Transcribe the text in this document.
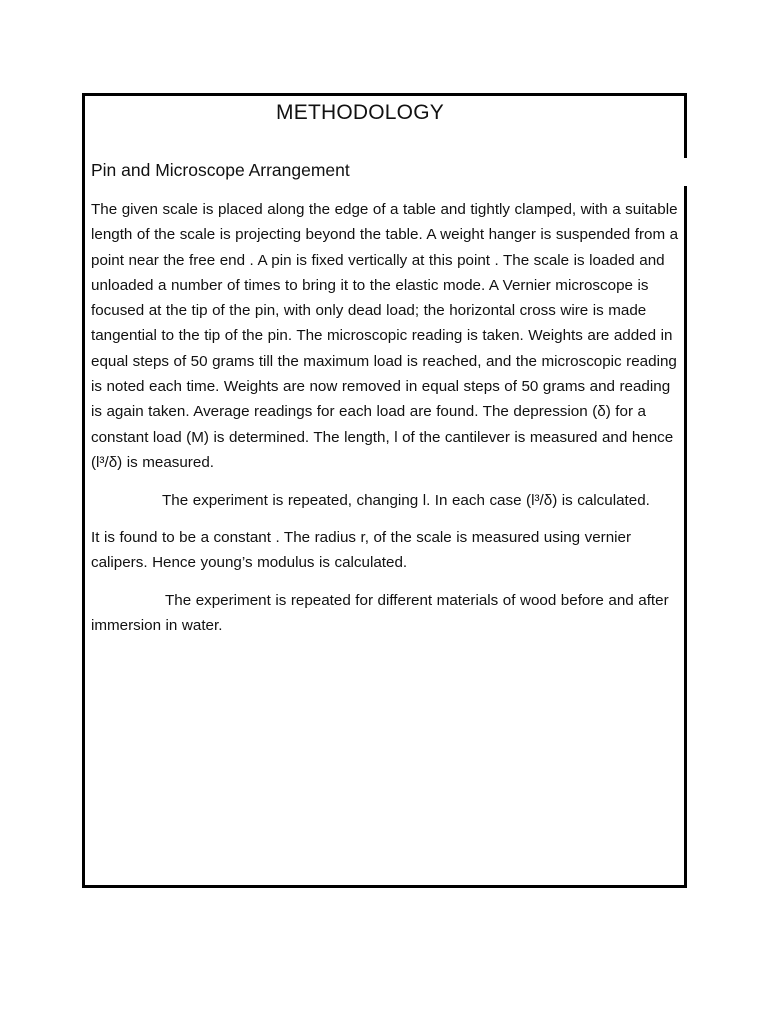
METHODOLOGY
Pin and Microscope Arrangement

The given scale is placed along the edge of a table and tightly clamped, with a suitable length of the scale is projecting beyond the table. A weight hanger is suspended from a point near the free end . A pin is fixed vertically at this point . The scale is loaded and unloaded a number of times to bring it to the elastic mode. A Vernier microscope is focused at the tip of the pin, with only dead load; the horizontal cross wire is made tangential to the tip of the pin. The microscopic reading is taken. Weights are added in equal steps of 50 grams till the maximum load is reached, and the microscopic reading is noted each time. Weights are now removed in equal steps of 50 grams and reading is again taken. Average readings for each load are found. The depression (δ) for a constant load (M) is determined. The length, l of the cantilever is measured and hence (l³/δ) is measured.

The experiment is repeated, changing l. In each case (l³/δ) is calculated.

It is found to be a constant . The radius r, of the scale is measured using vernier calipers. Hence young’s modulus is calculated.

The experiment is repeated for different materials of wood before and after immersion in water.
